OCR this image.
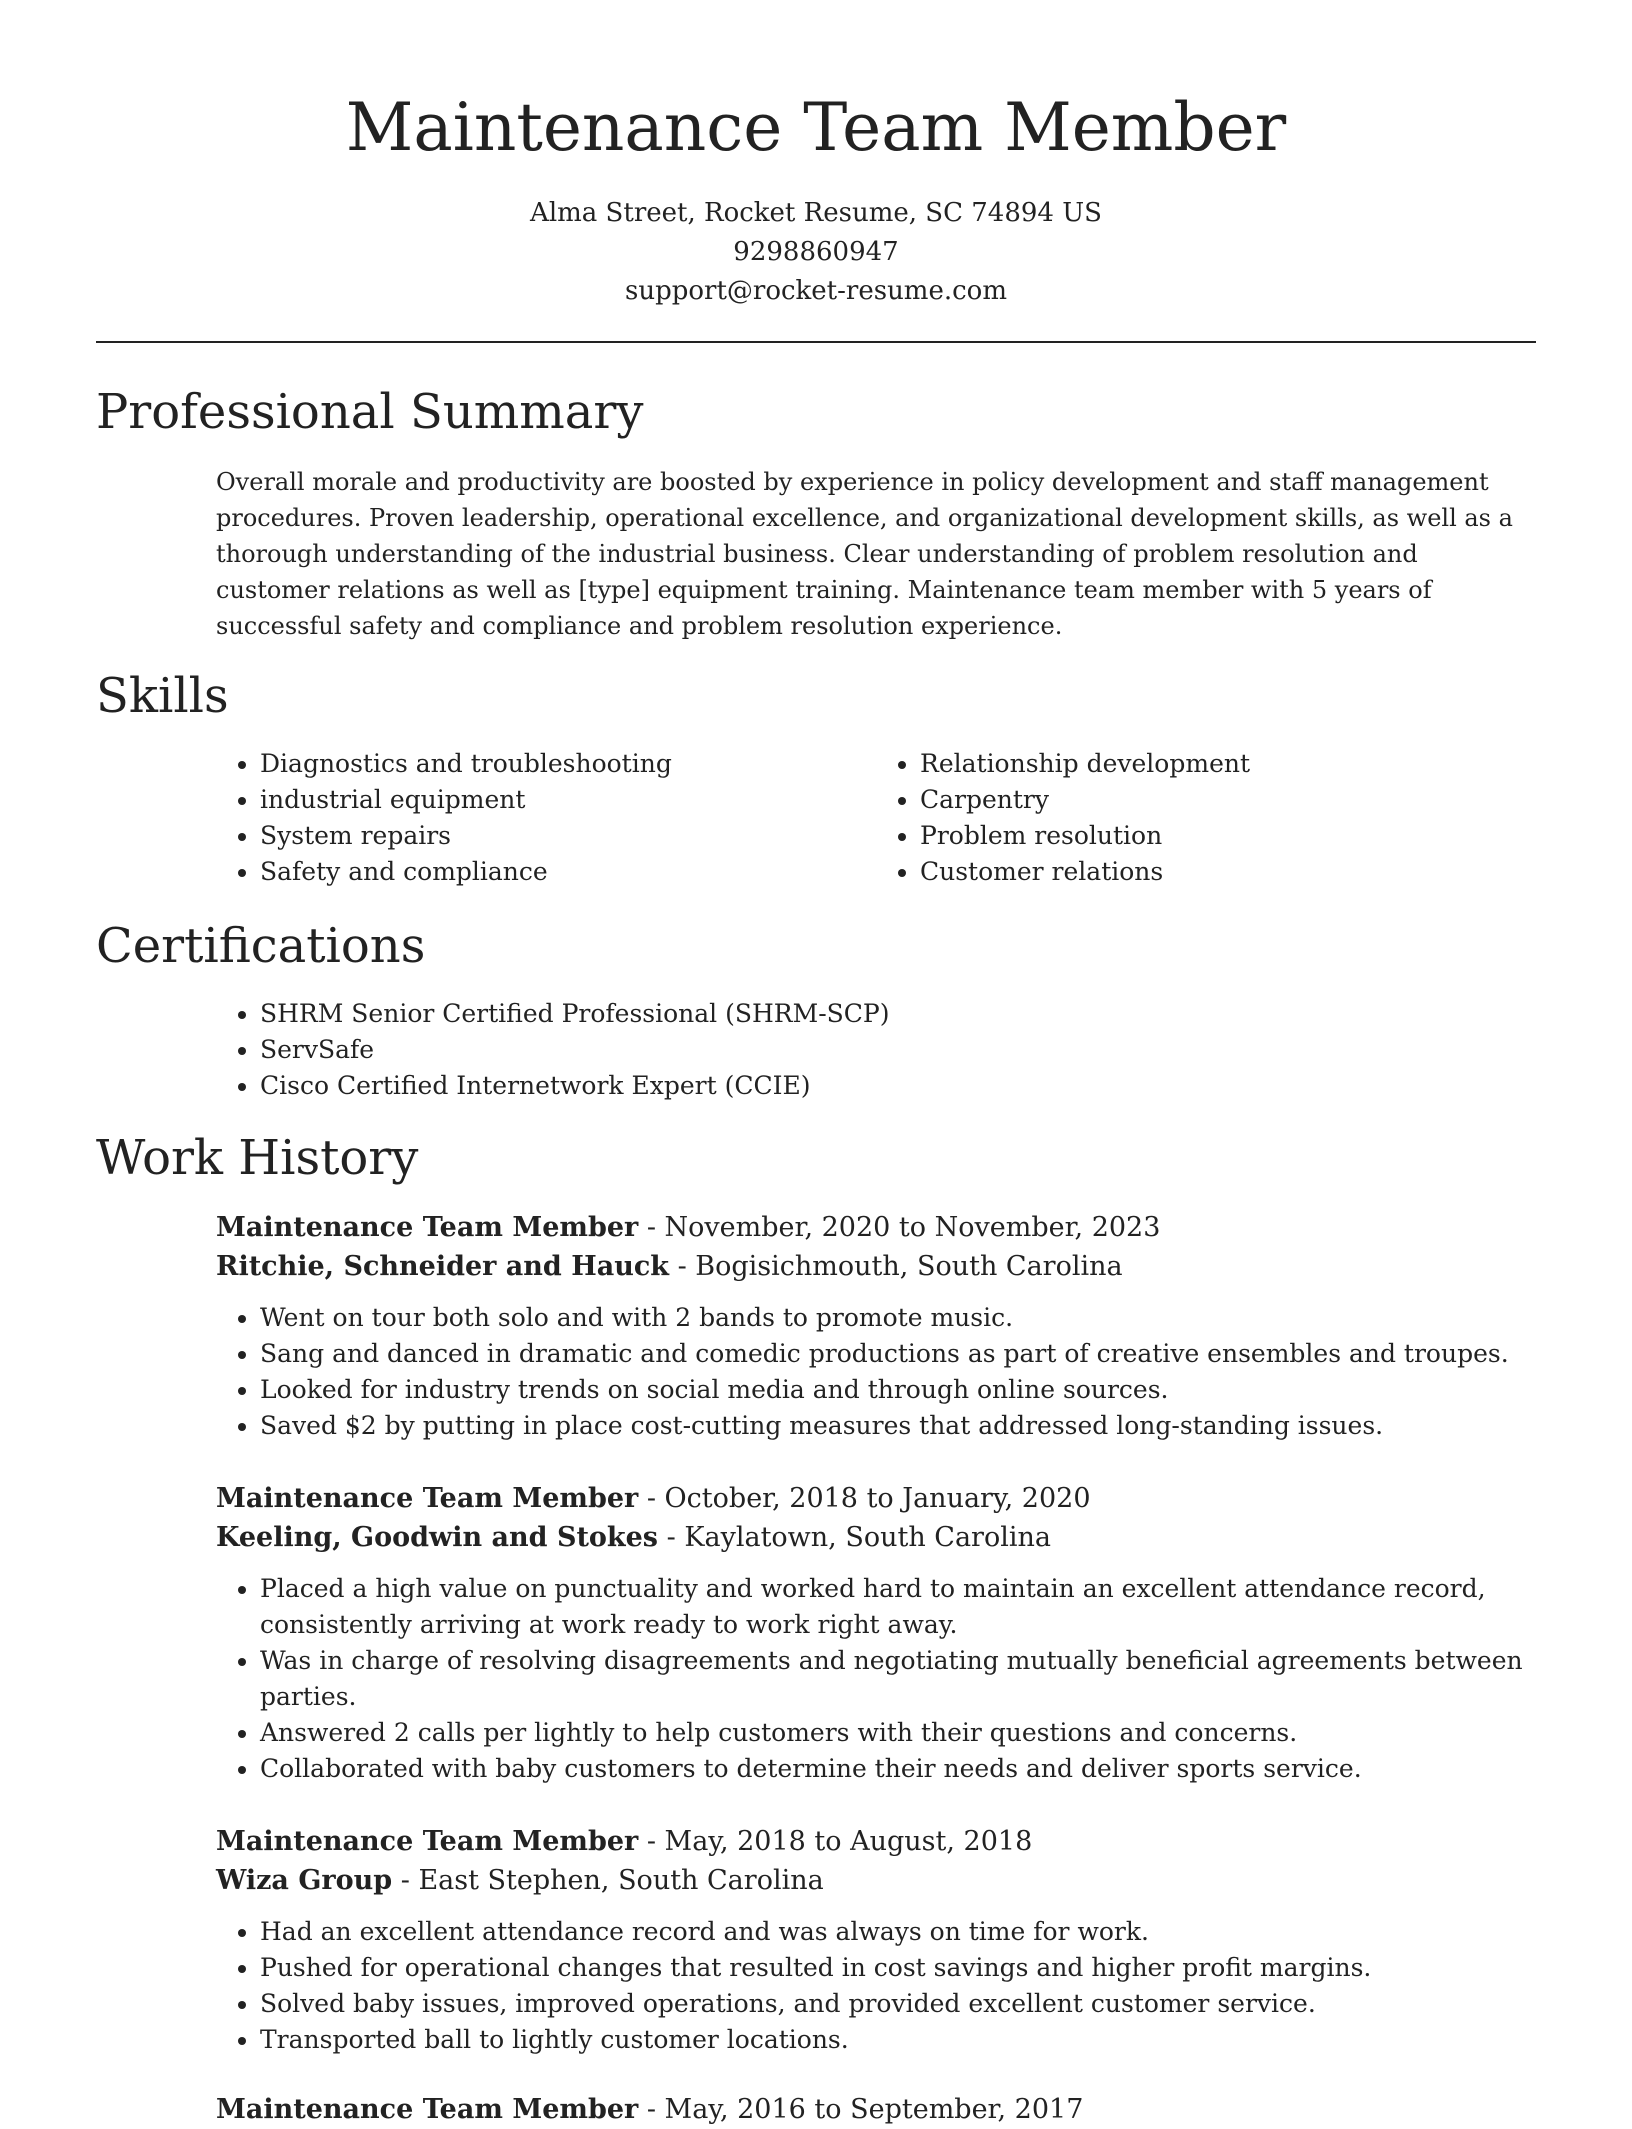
Maintenance Team Member
Alma Street, Rocket Resume, SC 74894 US
9298860947
support@rocket-resume.com
Professional Summary

Overall morale and productivity are boosted by experience in policy development and staff management procedures. Proven leadership, operational excellence, and organizational development skills, as well as a thorough understanding of the industrial business. Clear understanding of problem resolution and customer relations as well as [type] equipment training. Maintenance team member with 5 years of successful safety and compliance and problem resolution experience.

Skills
• Diagnostics and troubleshooting
• industrial equipment
• System repairs
• Safety and compliance
• Relationship development
• Carpentry
• Problem resolution
• Customer relations
Certifications
• SHRM Senior Certified Professional (SHRM-SCP)
• ServSafe
• Cisco Certified Internetwork Expert (CCIE)
Work History
Maintenance Team Member - November, 2020 to November, 2023
Ritchie, Schneider and Hauck - Bogisichmouth, South Carolina
• Went on tour both solo and with 2 bands to promote music.
• Sang and danced in dramatic and comedic productions as part of creative ensembles and troupes.
• Looked for industry trends on social media and through online sources.
• Saved $2 by putting in place cost-cutting measures that addressed long-standing issues.
Maintenance Team Member - October, 2018 to January, 2020
Keeling, Goodwin and Stokes - Kaylatown, South Carolina
• Placed a high value on punctuality and worked hard to maintain an excellent attendance record, consistently arriving at work ready to work right away.
• Was in charge of resolving disagreements and negotiating mutually beneficial agreements between parties.
• Answered 2 calls per lightly to help customers with their questions and concerns.
• Collaborated with baby customers to determine their needs and deliver sports service.
Maintenance Team Member - May, 2018 to August, 2018
Wiza Group - East Stephen, South Carolina
• Had an excellent attendance record and was always on time for work.
• Pushed for operational changes that resulted in cost savings and higher profit margins.
• Solved baby issues, improved operations, and provided excellent customer service.
• Transported ball to lightly customer locations.
Maintenance Team Member - May, 2016 to September, 2017
